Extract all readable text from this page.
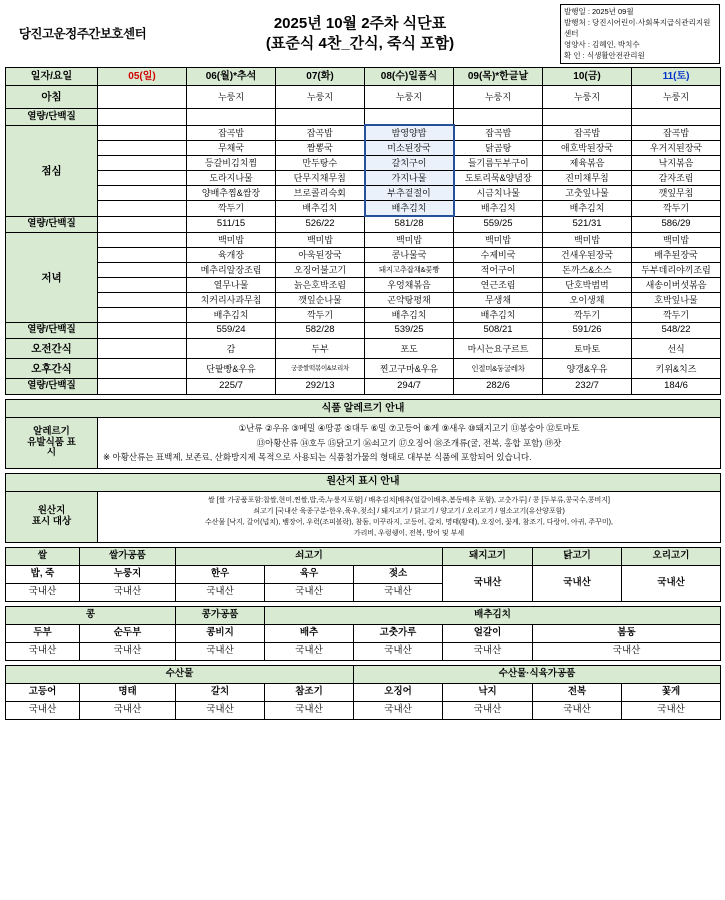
당진고운정주간보호센터	
2025년 10월 2주차 식단표
(표준식 4찬_간식, 죽식 포함)

발행일 : 2025년 09월
발행처 : 당진시어린이·사회복지급식관리지원센터
영양사 : 김혜인, 박치수
확 인 : 식생활안전관리원
일자/요일	05(일)	06(월)*추석	07(화)	08(수)일품식	09(목)*한글날	10(금)	11(토)
아침		누룽지	누룽지	누룽지	누룽지	누룽지	누룽지
열량/단백질							
점심		잡곡밥	잡곡밥	밤영양밥	잡곡밥	잡곡밥	잡곡밥
		무채국	짬뽕국	미소된장국	닭곰탕	애호박된장국	우거지된장국
		등갈비김치찜	만두탕수	갈치구이	들기름두부구이	제육볶음	낙지볶음
		도라지나물	단무지채무침	가지나물	도토리묵&양념장	진미채무침	감자조림
		양배추찜&쌈장	브로콜리숙회	부추겉절이	시금치나물	고춧잎나물	깻잎무침
		깍두기	배추김치	배추김치	배추김치	배추김치	깍두기
열량/단백질		511/15	526/22	581/28	559/25	521/31	586/29
저녁		백미밥	백미밥	백미밥	백미밥	백미밥	백미밥
		육개장	아욱된장국	콩나물국	수제비국	건새우된장국	배추된장국
		메추리알장조림	오징어불고기	돼지고추잡채&꽃빵	적어구이	돈까스&소스	두부데리야끼조림
		열무나물	늙은호박조림	우엉채볶음	연근조림	단호박범벅	새송이버섯볶음
		치커리사과무침	깻잎순나물	곤약탕평채	무생채	오이생채	호박잎나물
		배추김치	깍두기	배추김치	배추김치	깍두기	깍두기
열량/단백질		559/24	582/28	539/25	508/21	591/26	548/22
오전간식		감	두부	포도	마시는요구르트	토마토	선식
오후간식		단팥빵&우유	궁중쌀떡볶이&보리차	찐고구마&우유	인절미&둥굴레차	양갱&우유	키위&치즈
열량/단백질		225/7	292/13	294/7	282/6	232/7	184/6
식품 알레르기 안내

알레르기
유발식품 표
시

①난류 ②우유 ③메밀 ④땅콩 ⑤대두 ⑥밀 ⑦고등어 ⑧게 ⑨새우 ⑩돼지고기 ⑪봉숭아 ⑫토마토
⑬아황산류 ⑭호두 ⑮닭고기 ⑯쇠고기 ⑰오징어 ⑱조개류(굴, 전복, 홍합 포함) ⑲잣
※ 아황산류는 표백제, 보존료, 산화방지제 목적으로 사용되는 식품첨가물의 형태로 대부분 식품에 포함되어 있습니다.
원산지 표시 안내

원산지
표시 대상

쌀 [쌀 가공품포함:찹쌀,현미,찐쌀,밥,죽,누룽지포함] / 배추김치[배추(얼갈이배추,봄동배추 포함), 고춧가루] / 콩 [두부류,콩국수,콩비지]
쇠고기 [국내산 육종구분-한우,육우,젖소] / 돼지고기 / 닭고기 / 양고기 / 오리고기 / 염소고기(유산양포함)
수산물 [낙지, 갈어(넙치), 뱀장어, 우럭(조피볼락), 참돔, 미꾸라지, 고등어, 갈치, 명태(황태), 오징어, 꽃게, 참조기, 다랑어, 아귀, 주꾸미),
가리비, 우렁쉥이, 전복, 방어 및 부세
쌀	쌀가공품	쇠고기			돼지고기	닭고기	오리고기
밥, 죽	누룽지	한우	육우	젖소	국내산	국내산	국내산
국내산	국내산	국내산	국내산	국내산			
콩		콩가공품	배추김치			
두부	순두부	콩비지	배추	고춧가루	얼갈이	봄동
국내산	국내산	국내산	국내산	국내산	국내산	국내산
수산물				수산물·식육가공품			
고등어	명태	갈치	참조기	오징어	낙지	전복	꽃게
국내산	국내산	국내산	국내산	국내산	국내산	국내산	국내산
